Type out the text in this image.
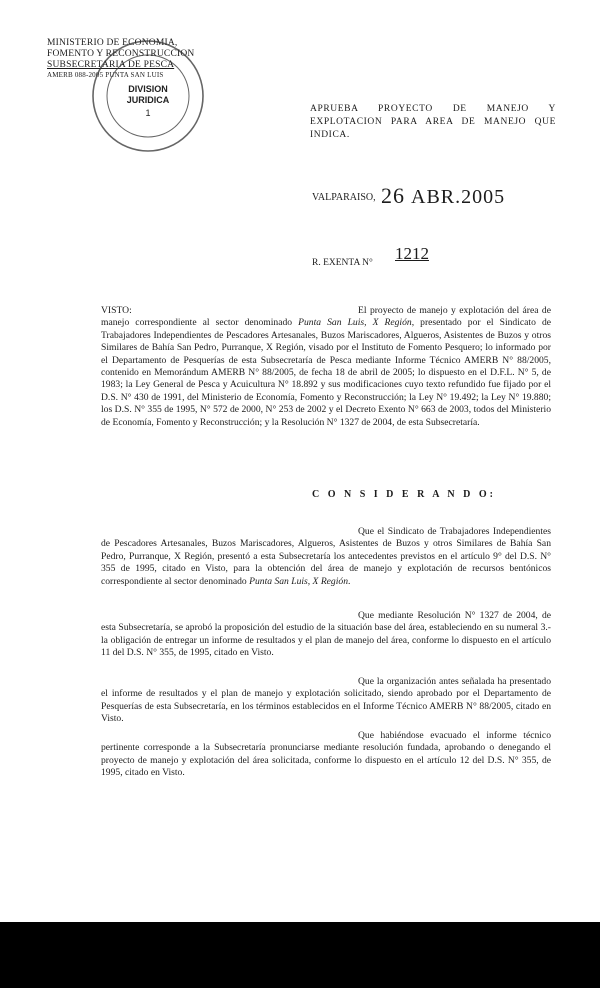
MINISTERIO DE ECONOMIA,
FOMENTO Y RECONSTRUCCION
SUBSECRETARIA DE PESCA
AMERB 088-2005 PUNTA SAN LUIS
DIVISION
JURIDICA
1	APRUEBA PROYECTO DE MANEJO Y EXPLOTACION PARA AREA DE MANEJO QUE INDICA.
VALPARAISO, 26 ABR.2005
R. EXENTA N° 1212
VISTO:	El proyecto de manejo y explotación del área de manejo correspondiente al sector denominado Punta San Luis, X Región, presentado por el Sindicato de Trabajadores Independientes de Pescadores Artesanales, Buzos Mariscadores, Algueros, Asistentes de Buzos y otros Similares de Bahía San Pedro, Purranque, X Región, visado por el Instituto de Fomento Pesquero; lo informado por el Departamento de Pesquerías de esta Subsecretaría de Pesca mediante Informe Técnico AMERB N° 88/2005, contenido en Memorándum AMERB N° 88/2005, de fecha 18 de abril de 2005; lo dispuesto en el D.F.L. N° 5, de 1983; la Ley General de Pesca y Acuicultura N° 18.892 y sus modificaciones cuyo texto refundido fue fijado por el D.S. N° 430 de 1991, del Ministerio de Economía, Fomento y Reconstrucción; la Ley N° 19.492; la Ley N° 19.880; los D.S. N° 355 de 1995, N° 572 de 2000, N° 253 de 2002 y el Decreto Exento N° 663 de 2003, todos del Ministerio de Economía, Fomento y Reconstrucción; y la Resolución N° 1327 de 2004, de esta Subsecretaría.
C O N S I D E R A N D O:
Que el Sindicato de Trabajadores Independientes de Pescadores Artesanales, Buzos Mariscadores, Algueros, Asistentes de Buzos y otros Similares de Bahía San Pedro, Purranque, X Región, presentó a esta Subsecretaría los antecedentes previstos en el artículo 9° del D.S. N° 355 de 1995, citado en Visto, para la obtención del área de manejo y explotación de recursos bentónicos correspondiente al sector denominado Punta San Luis, X Región.
Que mediante Resolución N° 1327 de 2004, de esta Subsecretaría, se aprobó la proposición del estudio de la situación base del área, estableciendo en su numeral 3.- la obligación de entregar un informe de resultados y el plan de manejo del área, conforme lo dispuesto en el artículo 11 del D.S. N° 355, de 1995, citado en Visto.
Que la organización antes señalada ha presentado el informe de resultados y el plan de manejo y explotación solicitado, siendo aprobado por el Departamento de Pesquerías de esta Subsecretaría, en los términos establecidos en el Informe Técnico AMERB N° 88/2005, citado en Visto.
Que habiéndose evacuado el informe técnico pertinente corresponde a la Subsecretaría pronunciarse mediante resolución fundada, aprobando o denegando el proyecto de manejo y explotación del área solicitada, conforme lo dispuesto en el artículo 12 del D.S. N° 355, de 1995, citado en Visto.
